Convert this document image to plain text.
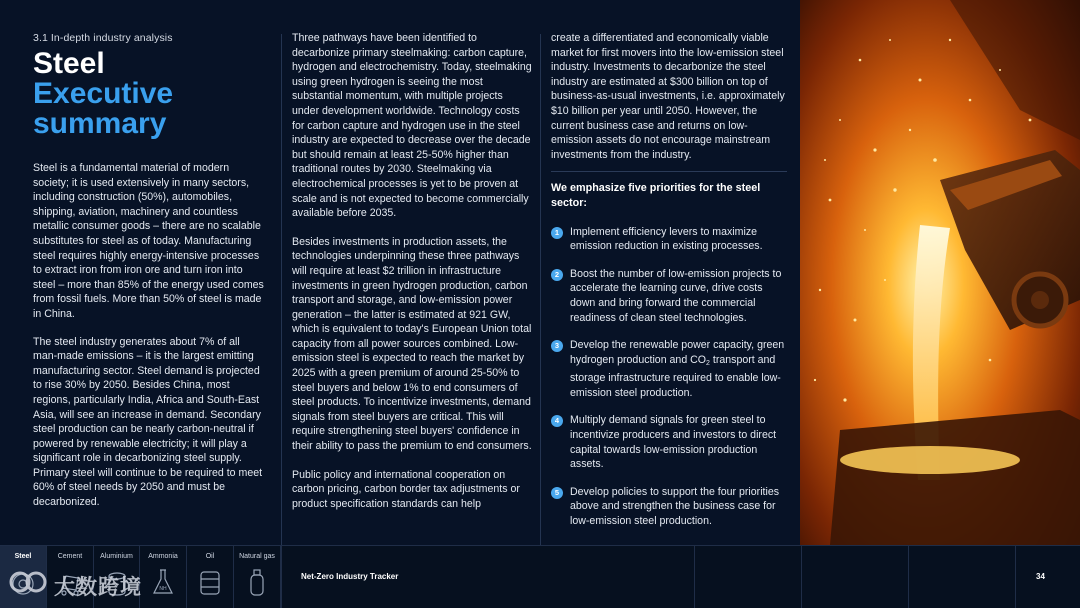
3.1 In-depth industry analysis
Steel
Executive
summary

Steel is a fundamental material of modern society; it is used extensively in many sectors, including construction (50%), automobiles, shipping, aviation, machinery and countless metallic consumer goods – there are no scalable substitutes for steel as of today. Manufacturing steel requires highly energy-intensive processes to extract iron from iron ore and turn iron into steel – more than 85% of the energy used comes from fossil fuels. More than 50% of steel is made in China.

The steel industry generates about 7% of all man-made emissions – it is the largest emitting manufacturing sector. Steel demand is projected to rise 30% by 2050. Besides China, most regions, particularly India, Africa and South-East Asia, will see an increase in demand. Secondary steel production can be nearly carbon-neutral if powered by renewable electricity; it will play a significant role in decarbonizing steel supply. Primary steel will continue to be required to meet 60% of steel needs by 2050 and must be decarbonized.

Three pathways have been identified to decarbonize primary steelmaking: carbon capture, hydrogen and electrochemistry. Today, steelmaking using green hydrogen is seeing the most substantial momentum, with multiple projects under development worldwide. Technology costs for carbon capture and hydrogen use in the steel industry are expected to decrease over the decade but should remain at least 25-50% higher than traditional routes by 2030. Steelmaking via electrochemical processes is yet to be proven at scale and is not expected to become commercially available before 2035.

Besides investments in production assets, the technologies underpinning these three pathways will require at least $2 trillion in infrastructure investments in green hydrogen production, carbon transport and storage, and low-emission power generation – the latter is estimated at 921 GW, which is equivalent to today's European Union total capacity from all power sources combined. Low-emission steel is expected to reach the market by 2025 with a green premium of around 25-50% to steel buyers and below 1% to end consumers of steel products. To incentivize investments, demand signals from steel buyers are critical. This will require strengthening steel buyers' confidence in their ability to pass the premium to end consumers.

Public policy and international cooperation on carbon pricing, carbon border tax adjustments or product specification standards can help

create a differentiated and economically viable market for first movers into the low-emission steel industry. Investments to decarbonize the steel industry are estimated at $300 billion on top of business-as-usual investments, i.e. approximately $10 billion per year until 2050. However, the current business case and returns on low-emission assets do not encourage mainstream investments from the industry.

We emphasize five priorities for the steel sector:

1	Implement efficiency levers to maximize emission reduction in existing processes.

2	Boost the number of low-emission projects to accelerate the learning curve, drive costs down and bring forward the commercial readiness of clean steel technologies.

3	Develop the renewable power capacity, green hydrogen production and $CO_2$ transport and storage infrastructure required to enable low-emission steel production.

4	Multiply demand signals for green steel to incentivize producers and investors to direct capital towards low-emission production assets.

5	Develop policies to support the four priorities above and strengthen the business case for low-emission steel production.

Steel	Cement	Aluminium	Ammonia
NH
Oil	Natural gas
Net-Zero Industry Tracker	34
大数跨境
